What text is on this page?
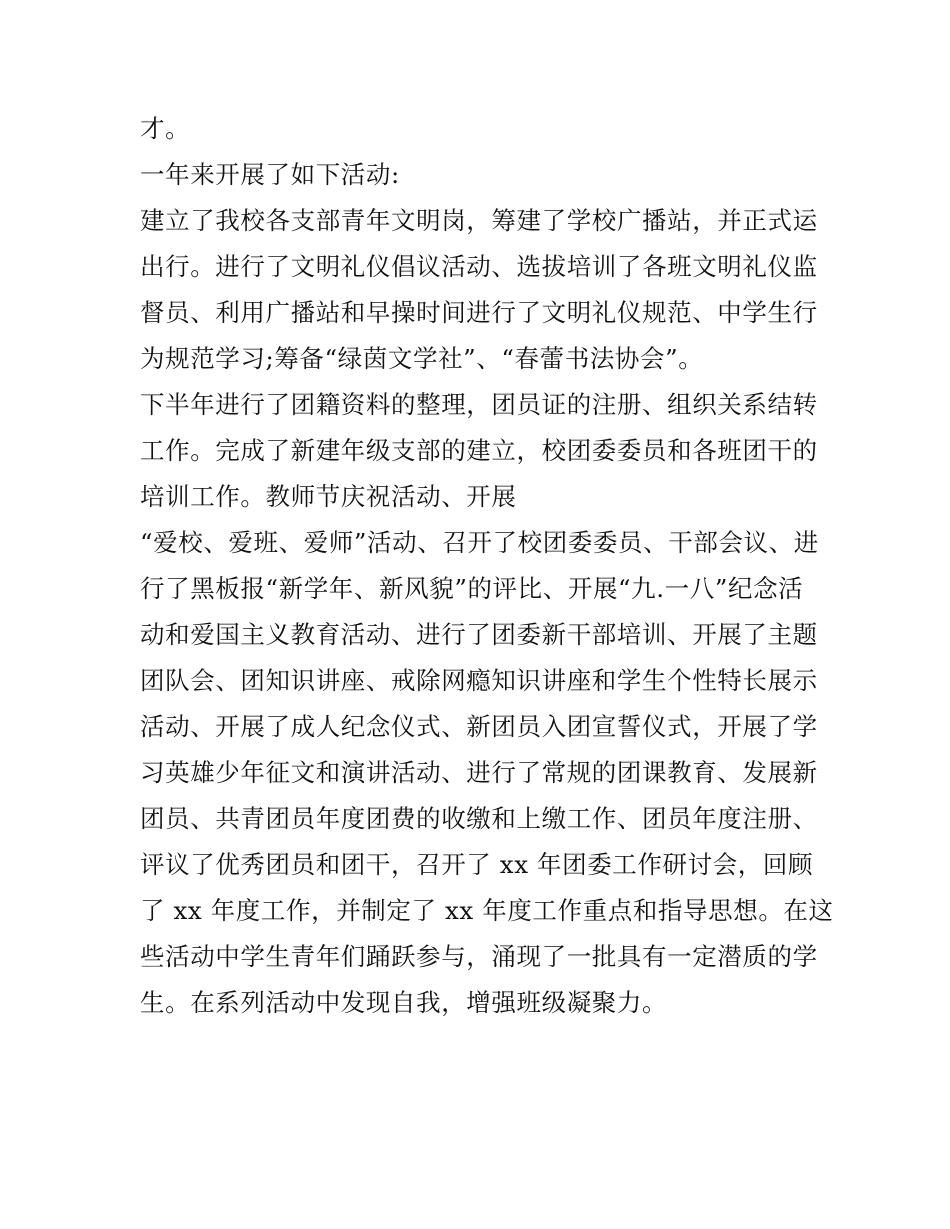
才。
一年来开展了如下活动:
建立了我校各支部青年文明岗，筹建了学校广播站，并正式运
出行。进行了文明礼仪倡议活动、选拔培训了各班文明礼仪监
督员、利用广播站和早操时间进行了文明礼仪规范、中学生行
为规范学习;筹备“绿茵文学社”、“春蕾书法协会”。
下半年进行了团籍资料的整理，团员证的注册、组织关系结转
工作。完成了新建年级支部的建立，校团委委员和各班团干的
培训工作。教师节庆祝活动、开展
“爱校、爱班、爱师”活动、召开了校团委委员、干部会议、进
行了黑板报“新学年、新风貌”的评比、开展“九.一八”纪念活
动和爱国主义教育活动、进行了团委新干部培训、开展了主题
团队会、团知识讲座、戒除网瘾知识讲座和学生个性特长展示
活动、开展了成人纪念仪式、新团员入团宣誓仪式，开展了学
习英雄少年征文和演讲活动、进行了常规的团课教育、发展新
团员、共青团员年度团费的收缴和上缴工作、团员年度注册、
评议了优秀团员和团干，召开了 xx 年团委工作研讨会，回顾
了 xx 年度工作，并制定了 xx 年度工作重点和指导思想。在这
些活动中学生青年们踊跃参与，涌现了一批具有一定潜质的学
生。在系列活动中发现自我，增强班级凝聚力。
